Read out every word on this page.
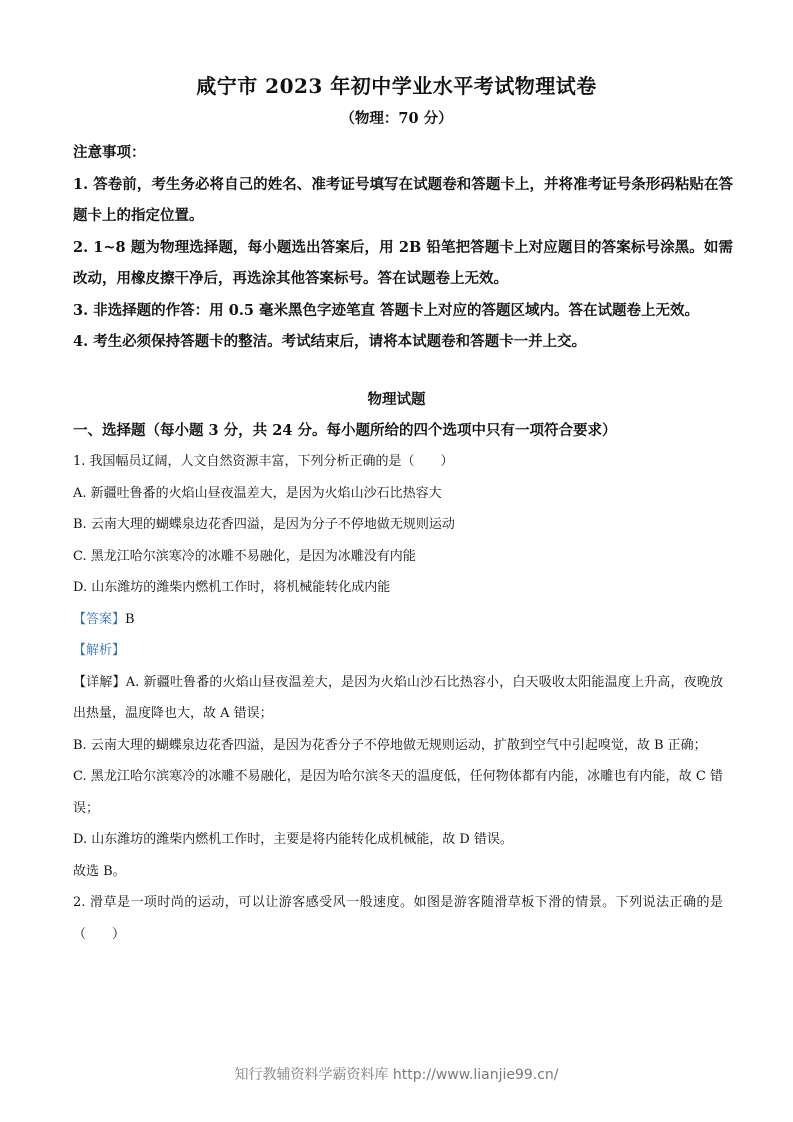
咸宁市 2023 年初中学业水平考试物理试卷
（物理：70 分）

注意事项：

1. 答卷前，考生务必将自己的姓名、准考证号填写在试题卷和答题卡上，并将准考证号条形码粘贴在答题卡上的指定位置。

2. 1~8 题为物理选择题，每小题选出答案后，用 2B 铅笔把答题卡上对应题目的答案标号涂黑。如需改动，用橡皮擦干净后，再选涂其他答案标号。答在试题卷上无效。

3. 非选择题的作答：用 0.5 毫米黑色字迹笔直 答题卡上对应的答题区域内。答在试题卷上无效。

4. 考生必须保持答题卡的整洁。考试结束后，请将本试题卷和答题卡一并上交。

物理试题
一、选择题（每小题 3 分，共 24 分。每小题所给的四个选项中只有一项符合要求）

1. 我国幅员辽阔，人文自然资源丰富，下列分析正确的是（　　）

A. 新疆吐鲁番的火焰山昼夜温差大，是因为火焰山沙石比热容大

B. 云南大理的蝴蝶泉边花香四溢，是因为分子不停地做无规则运动

C. 黑龙江哈尔滨寒冷的冰雕不易融化，是因为冰雕没有内能

D. 山东潍坊的潍柴内燃机工作时，将机械能转化成内能

【答案】B

【解析】

【详解】A. 新疆吐鲁番的火焰山昼夜温差大，是因为火焰山沙石比热容小，白天吸收太阳能温度上升高，夜晚放出热量，温度降也大，故 A 错误；

B. 云南大理的蝴蝶泉边花香四溢，是因为花香分子不停地做无规则运动，扩散到空气中引起嗅觉，故 B 正确；

C. 黑龙江哈尔滨寒冷的冰雕不易融化，是因为哈尔滨冬天的温度低，任何物体都有内能，冰雕也有内能，故 C 错误；

D. 山东潍坊的潍柴内燃机工作时，主要是将内能转化成机械能，故 D 错误。

故选 B。

2. 滑草是一项时尚的运动，可以让游客感受风一般速度。如图是游客随滑草板下滑的情景。下列说法正确的是（　　）

知行教辅资料学霸资料库 http://www.lianjie99.cn/
